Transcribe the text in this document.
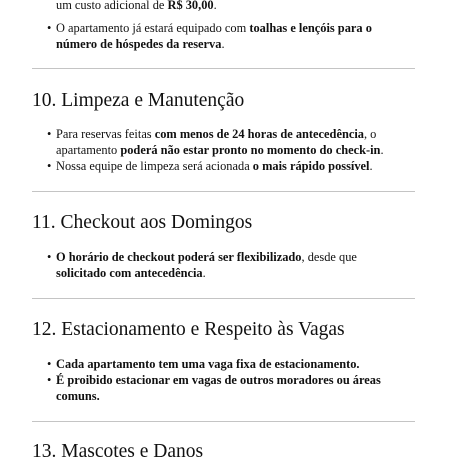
um custo adicional de R$ 30,00.
• O apartamento já estará equipado com toalhas e lençóis para o número de hóspedes da reserva.
10. Limpeza e Manutenção
• Para reservas feitas com menos de 24 horas de antecedência, o apartamento poderá não estar pronto no momento do check-in.
• Nossa equipe de limpeza será acionada o mais rápido possível.
11. Checkout aos Domingos
• O horário de checkout poderá ser flexibilizado, desde que solicitado com antecedência.
12. Estacionamento e Respeito às Vagas
• Cada apartamento tem uma vaga fixa de estacionamento.
• É proibido estacionar em vagas de outros moradores ou áreas comuns.
13. Mascotes e Danos
